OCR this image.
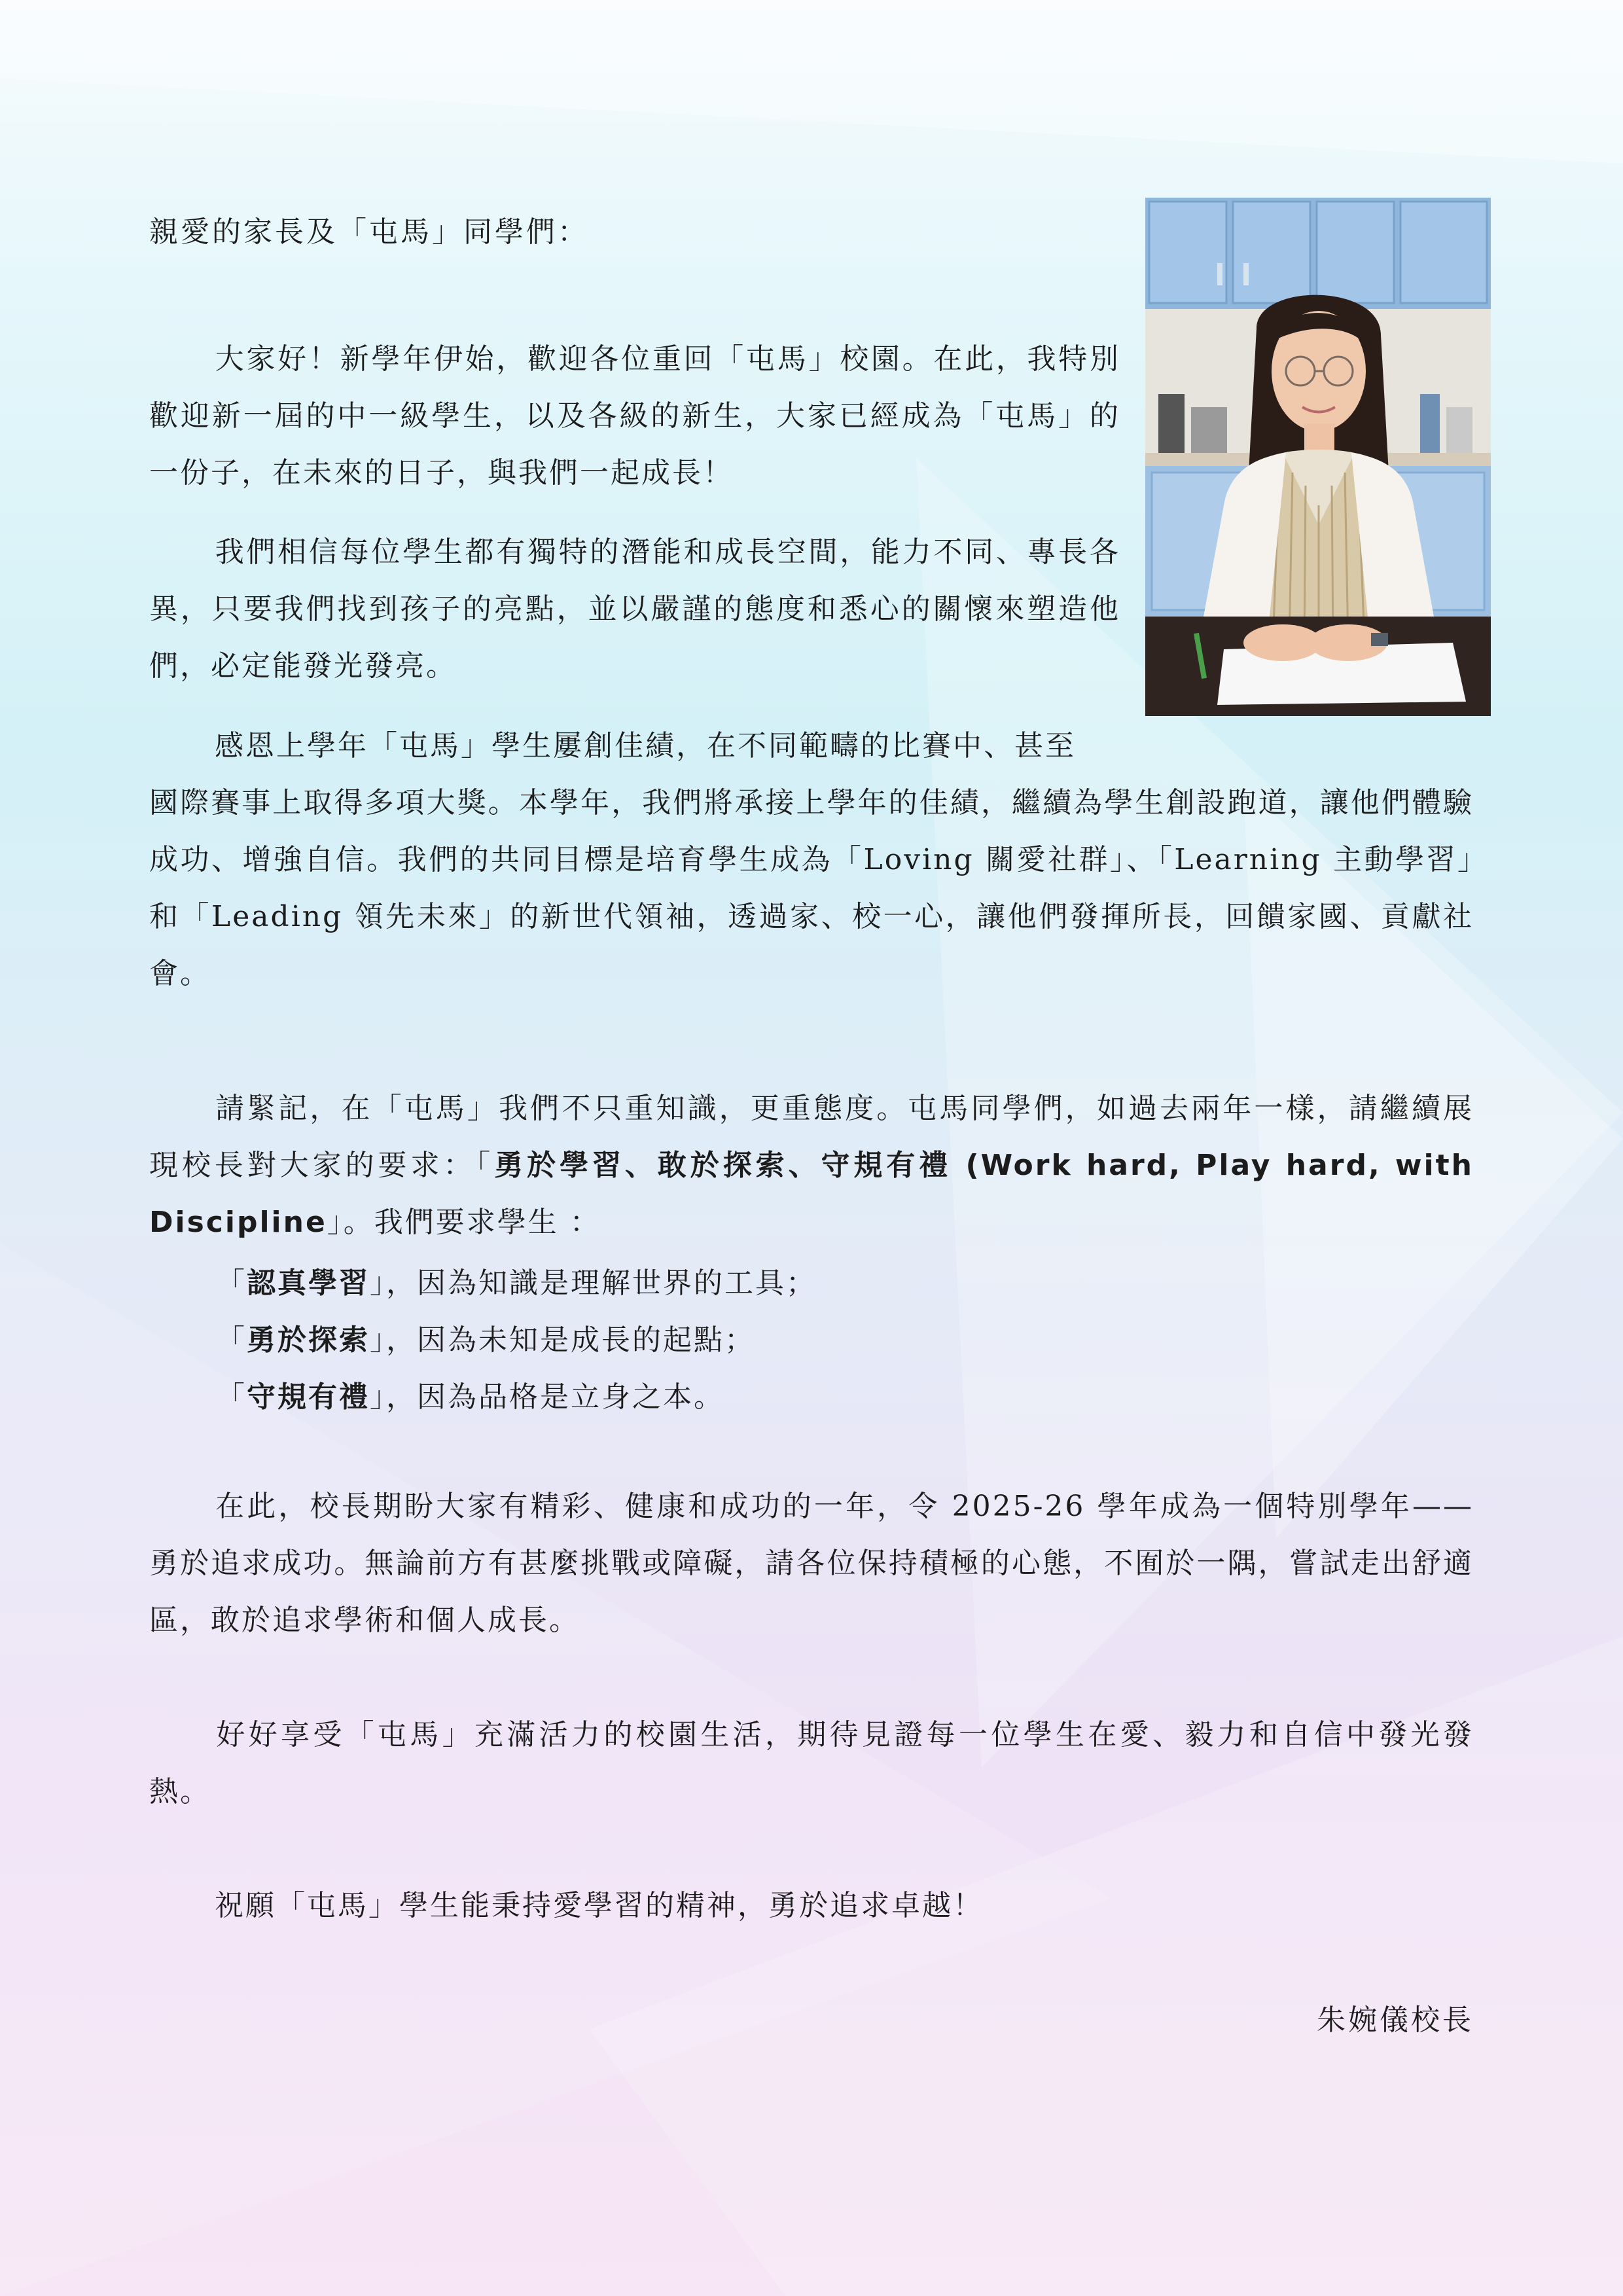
親愛的家長及「屯馬」同學們：

大家好！新學年伊始，歡迎各位重回「屯馬」校園。在此，我特別歡迎新一屆的中一級學生，以及各級的新生，大家已經成為「屯馬」的一份子，在未來的日子，與我們一起成長！

我們相信每位學生都有獨特的潛能和成長空間，能力不同、專長各異，只要我們找到孩子的亮點，並以嚴謹的態度和悉心的關懷來塑造他們，必定能發光發亮。

感恩上學年「屯馬」學生屢創佳績，在不同範疇的比賽中、甚至

國際賽事上取得多項大獎。本學年，我們將承接上學年的佳績，繼續為學生創設跑道，讓他們體驗成功、增強自信。我們的共同目標是培育學生成為「Loving 關愛社群」、「Learning 主動學習」和「Leading 領先未來」的新世代領袖，透過家、校一心，讓他們發揮所長，回饋家國、貢獻社會。

請緊記，在「屯馬」我們不只重知識，更重態度。屯馬同學們，如過去兩年一樣，請繼續展現校長對大家的要求：「勇於學習、敢於探索、守規有禮 (Work hard, Play hard, with Discipline」。我們要求學生 ：

「認真學習」，因為知識是理解世界的工具；
「勇於探索」，因為未知是成長的起點；
「守規有禮」，因為品格是立身之本。

在此，校長期盼大家有精彩、健康和成功的一年，令 2025-26 學年成為一個特別學年——勇於追求成功。無論前方有甚麼挑戰或障礙，請各位保持積極的心態，不囿於一隅，嘗試走出舒適區，敢於追求學術和個人成長。

好好享受「屯馬」充滿活力的校園生活，期待見證每一位學生在愛、毅力和自信中發光發熱。

祝願「屯馬」學生能秉持愛學習的精神，勇於追求卓越！

朱婉儀校長
